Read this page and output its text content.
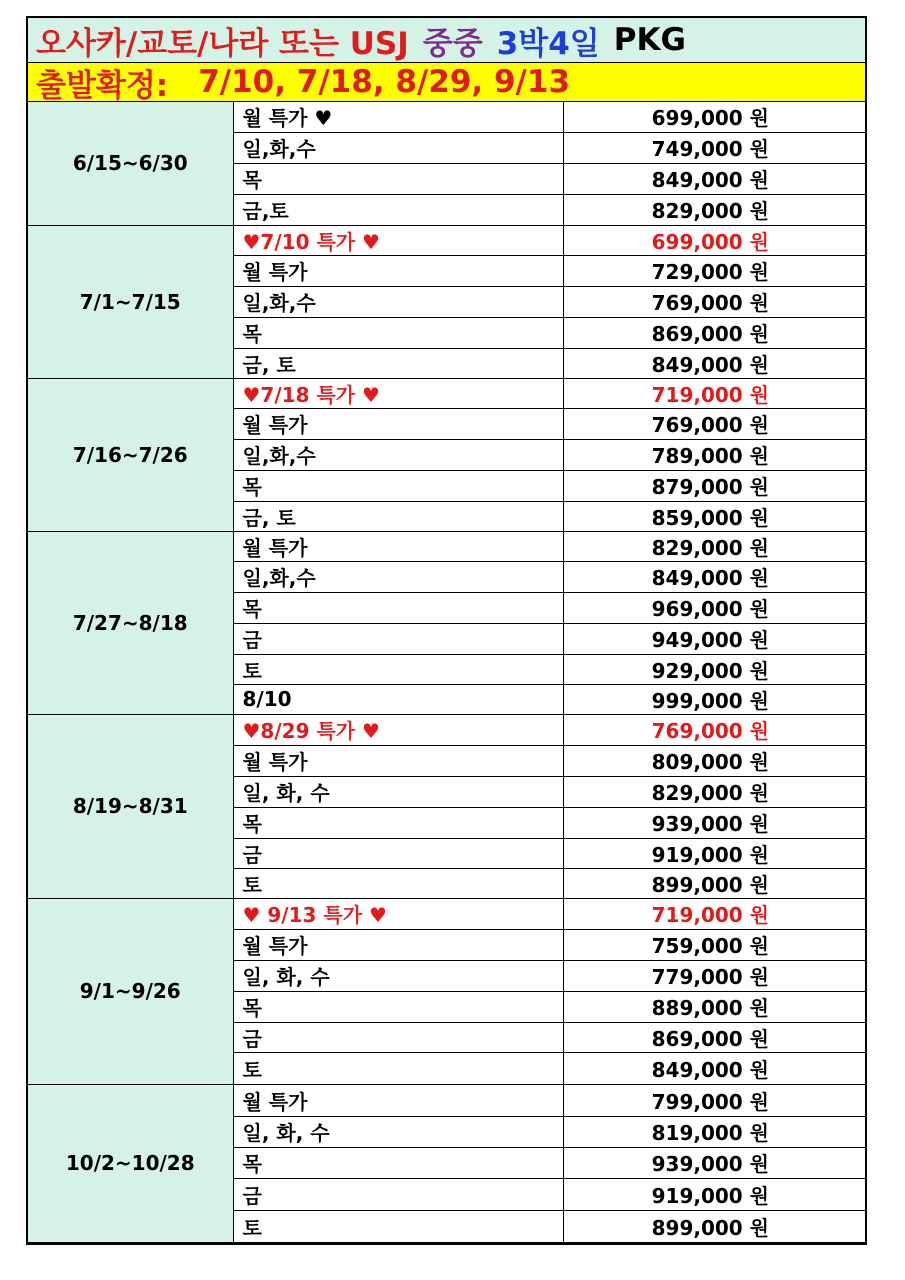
오사카/교토/나라 또는 USJ 중중 3박4일 PKG
출발확정: 7/10, 7/18, 8/29, 9/13
6/15~6/30	월 특가 ♥	699,000 원
	일,화,수	749,000 원
	목	849,000 원
	금,토	829,000 원
7/1~7/15	♥7/10 특가 ♥	699,000 원
	월 특가	729,000 원
	일,화,수	769,000 원
	목	869,000 원
	금, 토	849,000 원
7/16~7/26	♥7/18 특가 ♥	719,000 원
	월 특가	769,000 원
	일,화,수	789,000 원
	목	879,000 원
	금, 토	859,000 원
7/27~8/18	월 특가	829,000 원
	일,화,수	849,000 원
	목	969,000 원
	금	949,000 원
	토	929,000 원
	8/10	999,000 원
8/19~8/31	♥8/29 특가 ♥	769,000 원
	월 특가	809,000 원
	일, 화, 수	829,000 원
	목	939,000 원
	금	919,000 원
	토	899,000 원
9/1~9/26	♥ 9/13 특가 ♥	719,000 원
	월 특가	759,000 원
	일, 화, 수	779,000 원
	목	889,000 원
	금	869,000 원
	토	849,000 원
10/2~10/28	월 특가	799,000 원
	일, 화, 수	819,000 원
	목	939,000 원
	금	919,000 원
	토	899,000 원
